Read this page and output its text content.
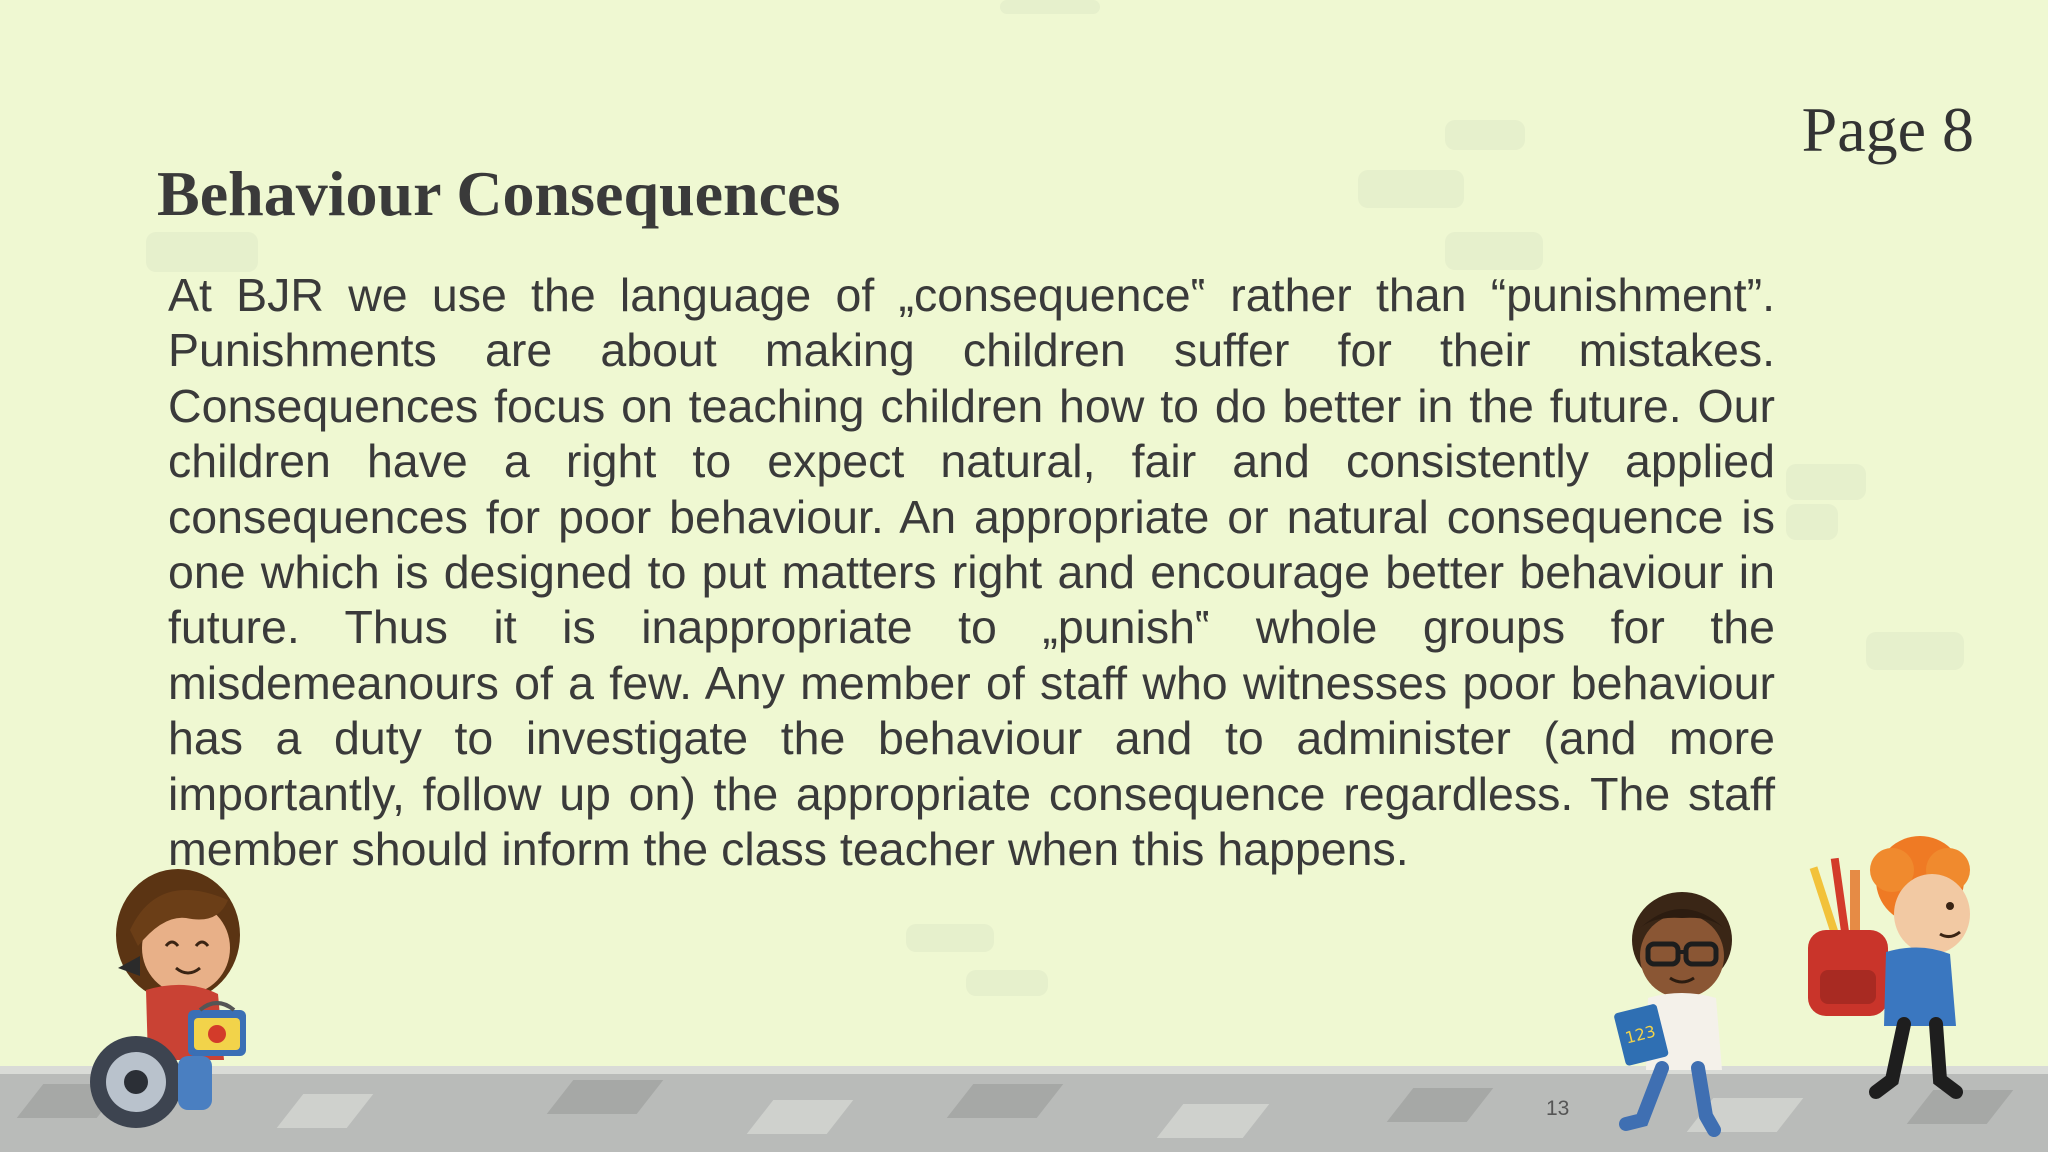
Page 8
Behaviour Consequences

At BJR we use the language of „consequence‟ rather than “punishment”. Punishments are about making children suffer for their mistakes. Consequences focus on teaching children how to do better in the future. Our children have a right to expect natural, fair and consistently applied consequences for poor behaviour. An appropriate or natural consequence is one which is designed to put matters right and encourage better behaviour in future. Thus it is inappropriate to „punish‟ whole groups for the misdemeanours of a few. Any member of staff who witnesses poor behaviour has a duty to investigate the behaviour and to administer (and more importantly, follow up on) the appropriate consequence regardless. The staff member should inform the class teacher when this happens.

13
123
